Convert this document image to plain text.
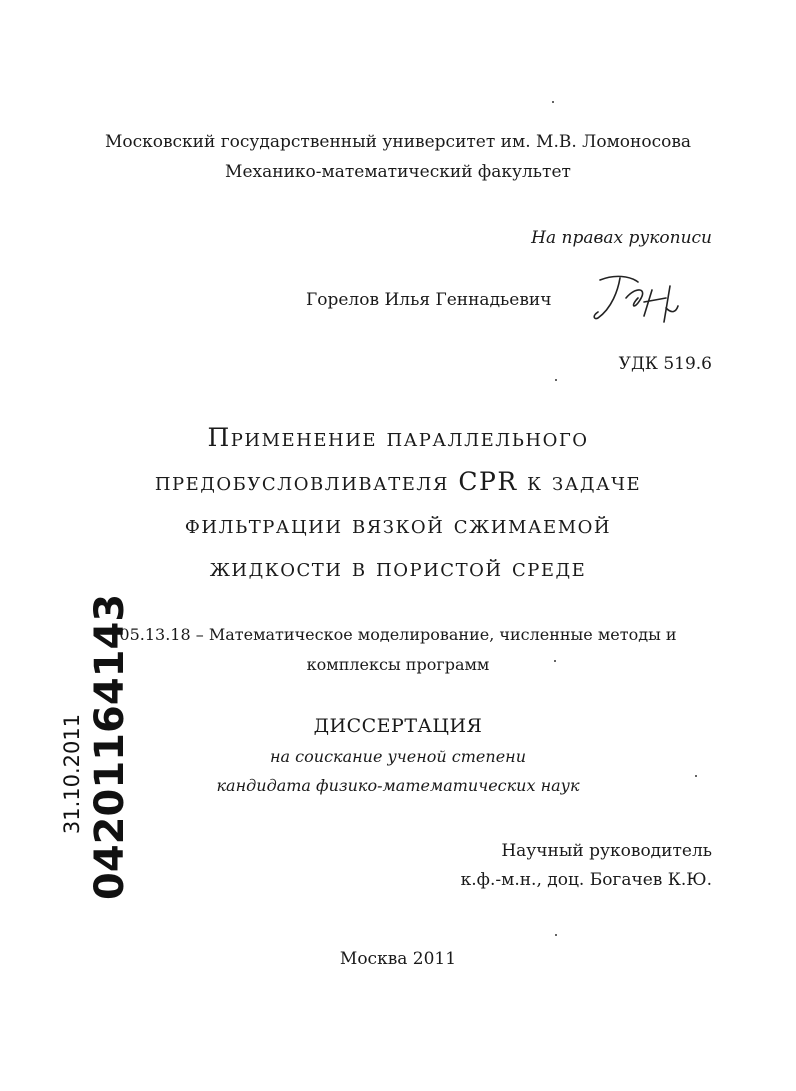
Московский государственный университет им. М.В. Ломоносова
Механико-математический факультет
На правах рукописи
Горелов Илья Геннадьевич
УДК 519.6
Применение параллельного
предобусловливателя CPR к задаче
фильтрации вязкой сжимаемой
жидкости в пористой среде
05.13.18 – Математическое моделирование, численные методы и
комплексы программ
ДИССЕРТАЦИЯ
на соискание ученой степени
кандидата физико-математических наук
Научный руководитель
к.ф.-м.н., доц. Богачев К.Ю.
Москва 2011
04201164143
31.10.2011
